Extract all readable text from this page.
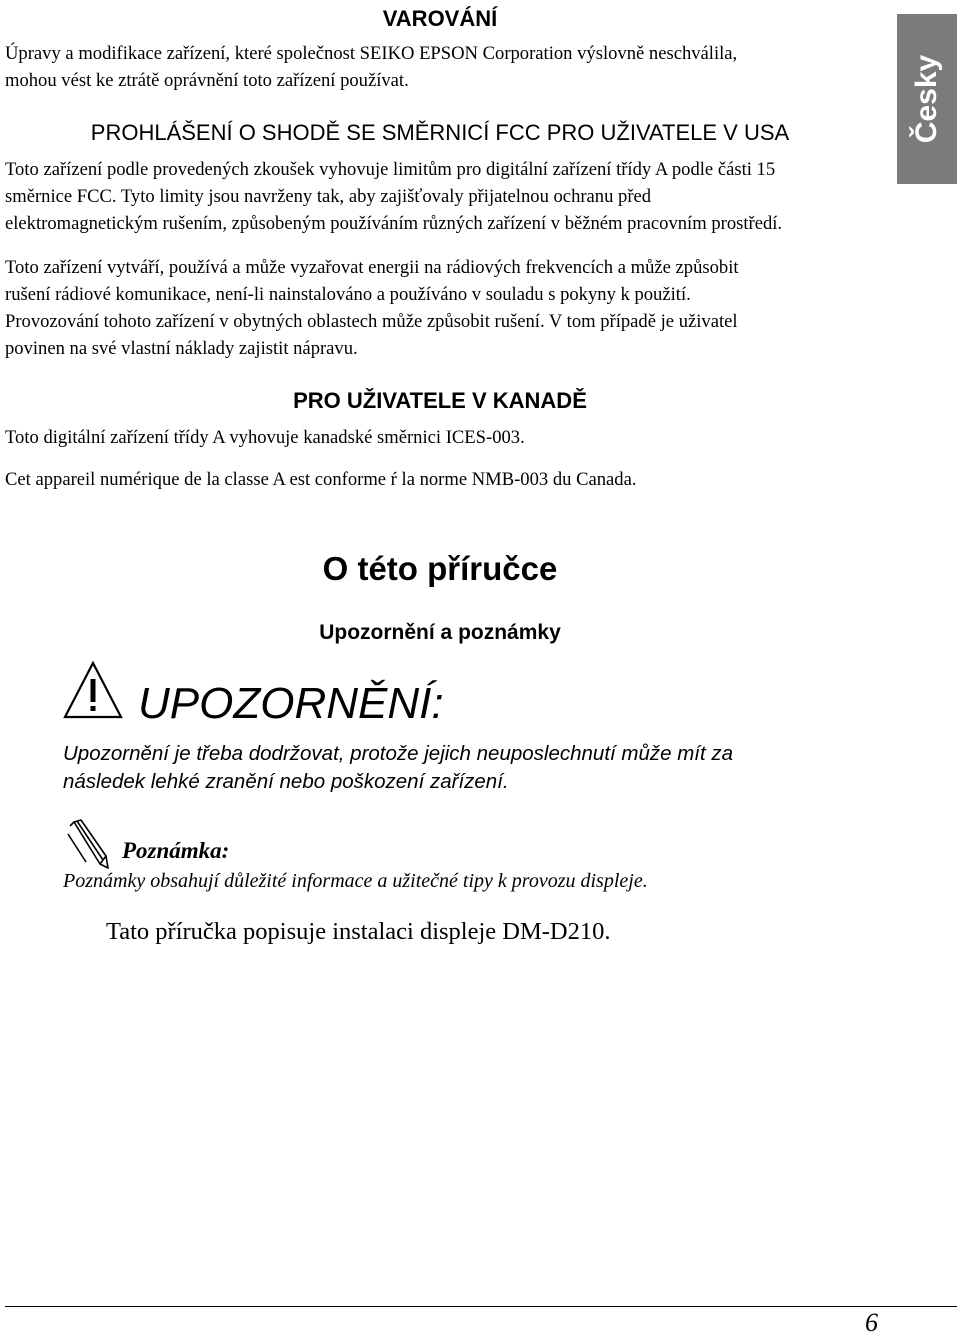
Česky
VAROVÁNÍ

Úpravy a modifikace zařízení, které společnost SEIKO EPSON Corporation výslovně neschválila,
mohou vést ke ztrátě oprávnění toto zařízení používat.

PROHLÁŠENÍ O SHODĚ SE SMĚRNICÍ FCC PRO UŽIVATELE V USA

Toto zařízení podle provedených zkoušek vyhovuje limitům pro digitální zařízení třídy A podle části 15
směrnice FCC. Tyto limity jsou navrženy tak, aby zajišťovaly přijatelnou ochranu před
elektromagnetickým rušením, způsobeným používáním různých zařízení v běžném pracovním prostředí.

Toto zařízení vytváří, používá a může vyzařovat energii na rádiových frekvencích a může způsobit
rušení rádiové komunikace, není-li nainstalováno a používáno v souladu s pokyny k použití.
Provozování tohoto zařízení v obytných oblastech může způsobit rušení. V tom případě je uživatel
povinen na své vlastní náklady zajistit nápravu.

PRO UŽIVATELE V KANADĚ

Toto digitální zařízení třídy A vyhovuje kanadské směrnici ICES-003.

Cet appareil numérique de la classe A est conforme ŕ la norme NMB-003 du Canada.

O této příručce
Upozornění a poznámky
UPOZORNĚNÍ:

Upozornění je třeba dodržovat, protože jejich neuposlechnutí může mít za
následek lehké zranění nebo poškození zařízení.

Poznámka:

Poznámky obsahují důležité informace a užitečné tipy k provozu displeje.

Tato příručka popisuje instalaci displeje DM-D210.

6
